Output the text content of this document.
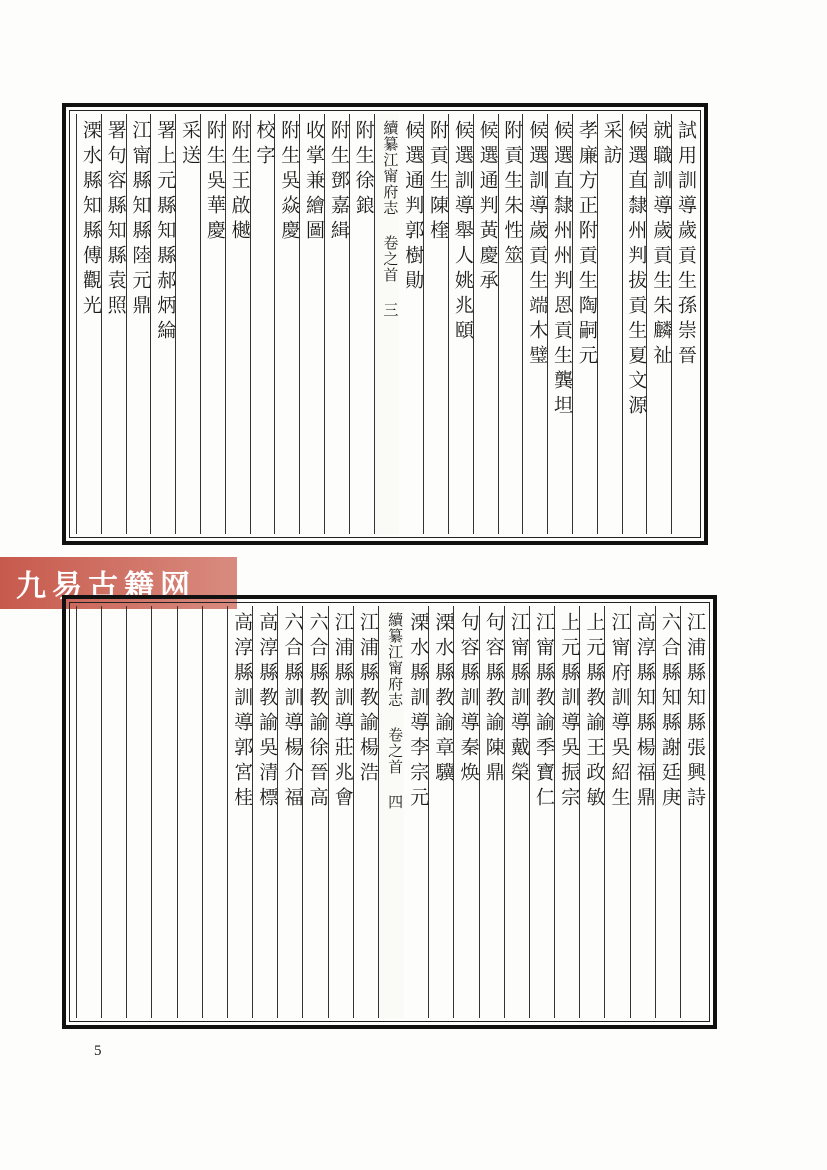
試用訓導歲貢生孫崇晉
就職訓導歲貢生朱麟祉
候選直隸州判拔貢生夏文源
采訪
孝廉方正附貢生陶嗣元
候選直隸州州判恩貢生龔坦
候選訓導歲貢生端木璧
附貢生朱性筮
候選通判黃慶承
候選訓導舉人姚兆頤
附貢生陳楏
候選通判郭樹勛
續纂江甯府志 卷之首 三
附生徐鋃
附生鄧嘉緝
收掌兼繪圖
附生吳焱慶
校字
附生王啟樾
附生吳華慶
采送
署上元縣知縣郝炳綸
江甯縣知縣陸元鼎
署句容縣知縣袁照
溧水縣知縣傅觀光
九易古籍网
江浦縣知縣張興詩
六合縣知縣謝廷庚
高淳縣知縣楊福鼎
江甯府訓導吳紹生
上元縣教諭王政敏
上元縣訓導吳振宗
江甯縣教諭季寶仁
江甯縣訓導戴榮
句容縣教諭陳鼎
句容縣訓導秦焕
溧水縣教諭章驥
溧水縣訓導李宗元
續纂江甯府志 卷之首 四
江浦縣教諭楊浩
江浦縣訓導莊兆會
六合縣教諭徐晉高
六合縣訓導楊介福
高淳縣教諭吳清標
高淳縣訓導郭宮桂
5
